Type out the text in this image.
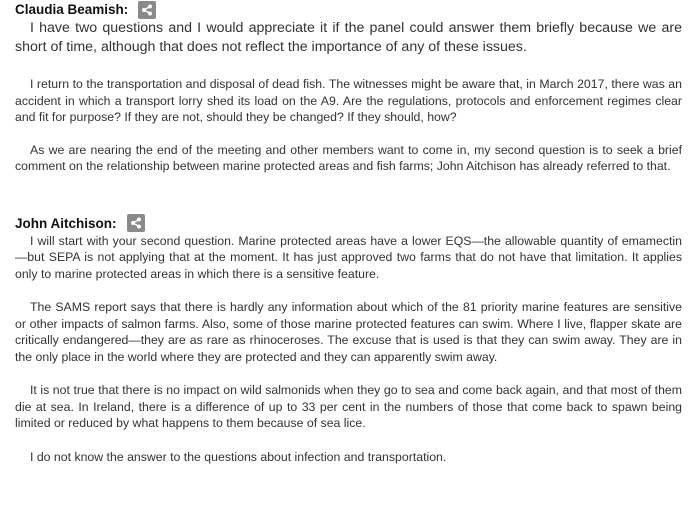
Claudia Beamish:

I have two questions and I would appreciate it if the panel could answer them briefly because we are short of time, although that does not reflect the importance of any of these issues.

I return to the transportation and disposal of dead fish. The witnesses might be aware that, in March 2017, there was an accident in which a transport lorry shed its load on the A9. Are the regulations, protocols and enforcement regimes clear and fit for purpose? If they are not, should they be changed? If they should, how?

As we are nearing the end of the meeting and other members want to come in, my second question is to seek a brief comment on the relationship between marine protected areas and fish farms; John Aitchison has already referred to that.

John Aitchison:

I will start with your second question. Marine protected areas have a lower EQS—the allowable quantity of emamectin—but SEPA is not applying that at the moment. It has just approved two farms that do not have that limitation. It applies only to marine protected areas in which there is a sensitive feature.

The SAMS report says that there is hardly any information about which of the 81 priority marine features are sensitive or other impacts of salmon farms. Also, some of those marine protected features can swim. Where I live, flapper skate are critically endangered—they are as rare as rhinoceroses. The excuse that is used is that they can swim away. They are in the only place in the world where they are protected and they can apparently swim away.

It is not true that there is no impact on wild salmonids when they go to sea and come back again, and that most of them die at sea. In Ireland, there is a difference of up to 33 per cent in the numbers of those that come back to spawn being limited or reduced by what happens to them because of sea lice.

I do not know the answer to the questions about infection and transportation.
